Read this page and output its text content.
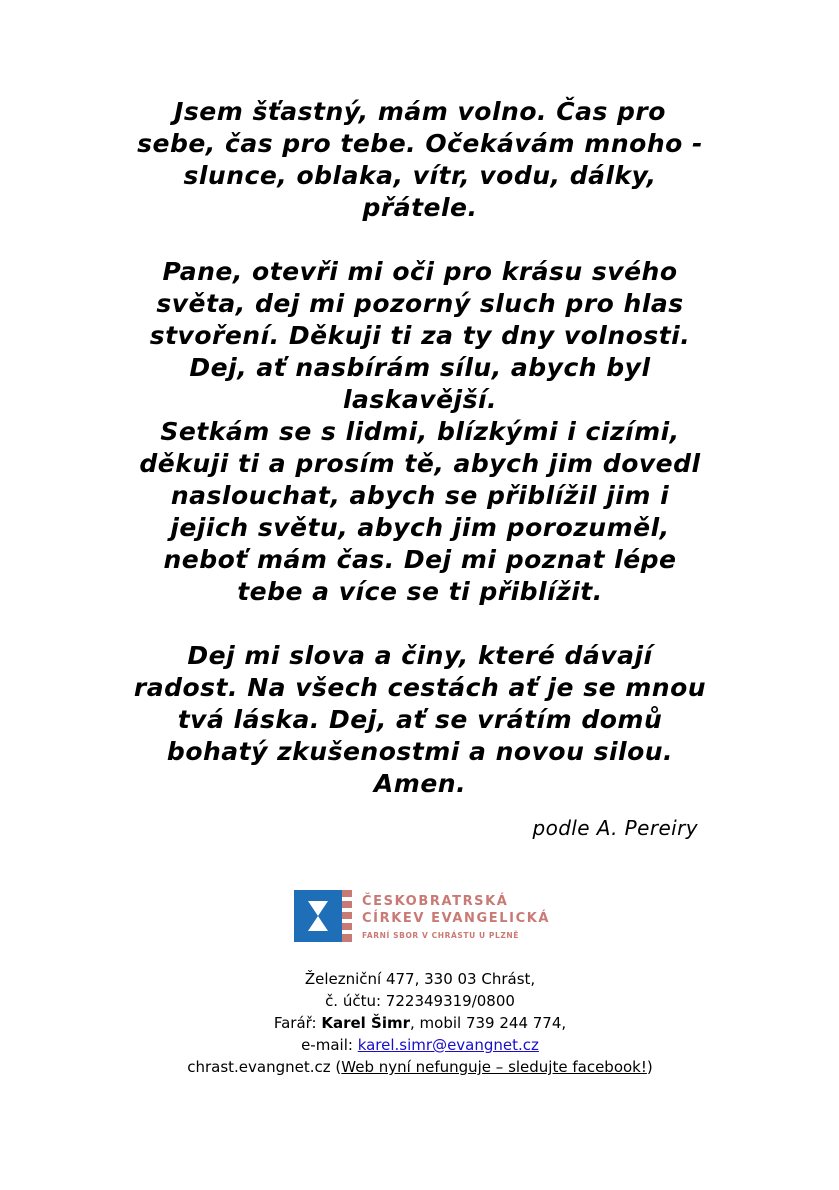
Jsem šťastný, mám volno. Čas pro
sebe, čas pro tebe. Očekávám mnoho -
slunce, oblaka, vítr, vodu, dálky,
přátele.
Pane, otevři mi oči pro krásu svého
světa, dej mi pozorný sluch pro hlas
stvoření. Děkuji ti za ty dny volnosti.
Dej, ať nasbírám sílu, abych byl
laskavější.
Setkám se s lidmi, blízkými i cizími,
děkuji ti a prosím tě, abych jim dovedl
naslouchat, abych se přiblížil jim i
jejich světu, abych jim porozuměl,
neboť mám čas. Dej mi poznat lépe
tebe a více se ti přiblížit.
Dej mi slova a činy, které dávají
radost. Na všech cestách ať je se mnou
tvá láska. Dej, ať se vrátím domů
bohatý zkušenostmi a novou silou.
Amen.
podle A. Pereiry
ČESKOBRATRSKÁ
CÍRKEV EVANGELICKÁ
FARNÍ SBOR V CHRÁSTU U PLZNĚ
Železniční 477, 330 03 Chrást,
č. účtu: 722349319/0800
Farář: Karel Šimr, mobil 739 244 774,
e-mail: karel.simr@evangnet.cz
chrast.evangnet.cz (Web nyní nefunguje – sledujte facebook!)
